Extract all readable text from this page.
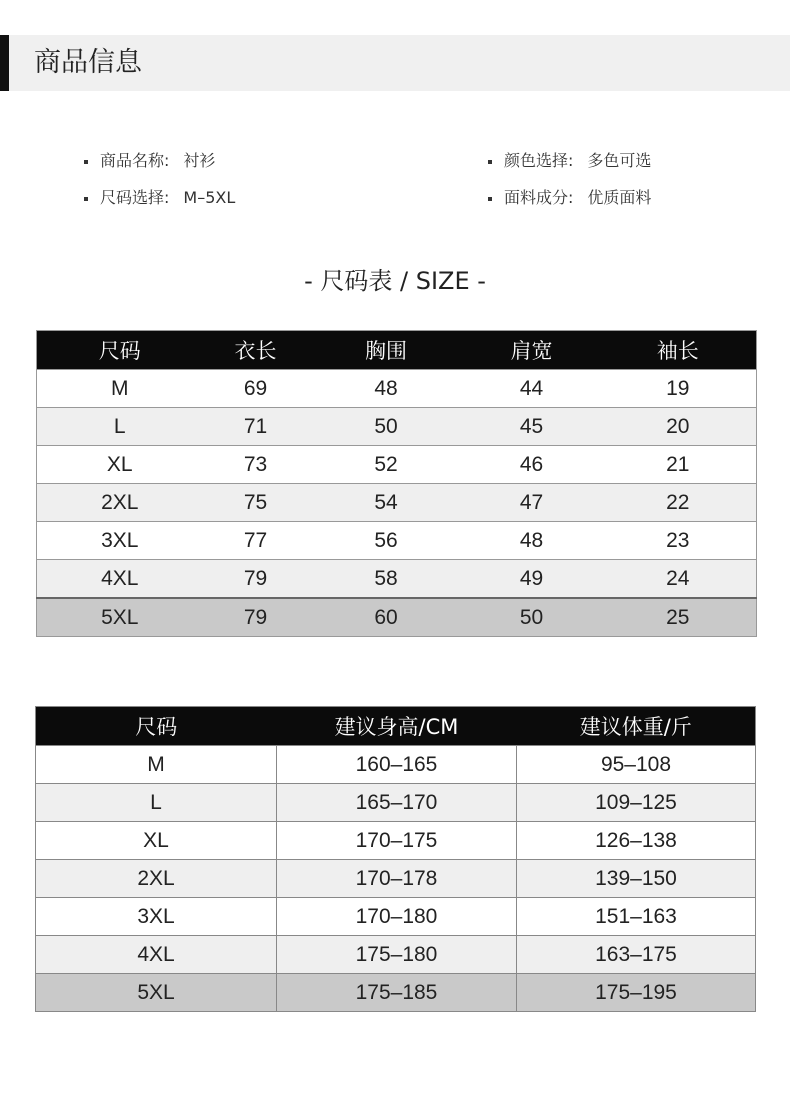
商品信息
商品名称: 衬衫	颜色选择: 多色可选
尺码选择: M–5XL	面料成分: 优质面料
- 尺码表 / SIZE -
尺码	衣长	胸围	肩宽	袖长
M	69	48	44	19
L	71	50	45	20
XL	73	52	46	21
2XL	75	54	47	22
3XL	77	56	48	23
4XL	79	58	49	24
5XL	79	60	50	25
尺码	建议身高/CM	建议体重/斤
M	160–165	95–108
L	165–170	109–125
XL	170–175	126–138
2XL	170–178	139–150
3XL	170–180	151–163
4XL	175–180	163–175
5XL	175–185	175–195
